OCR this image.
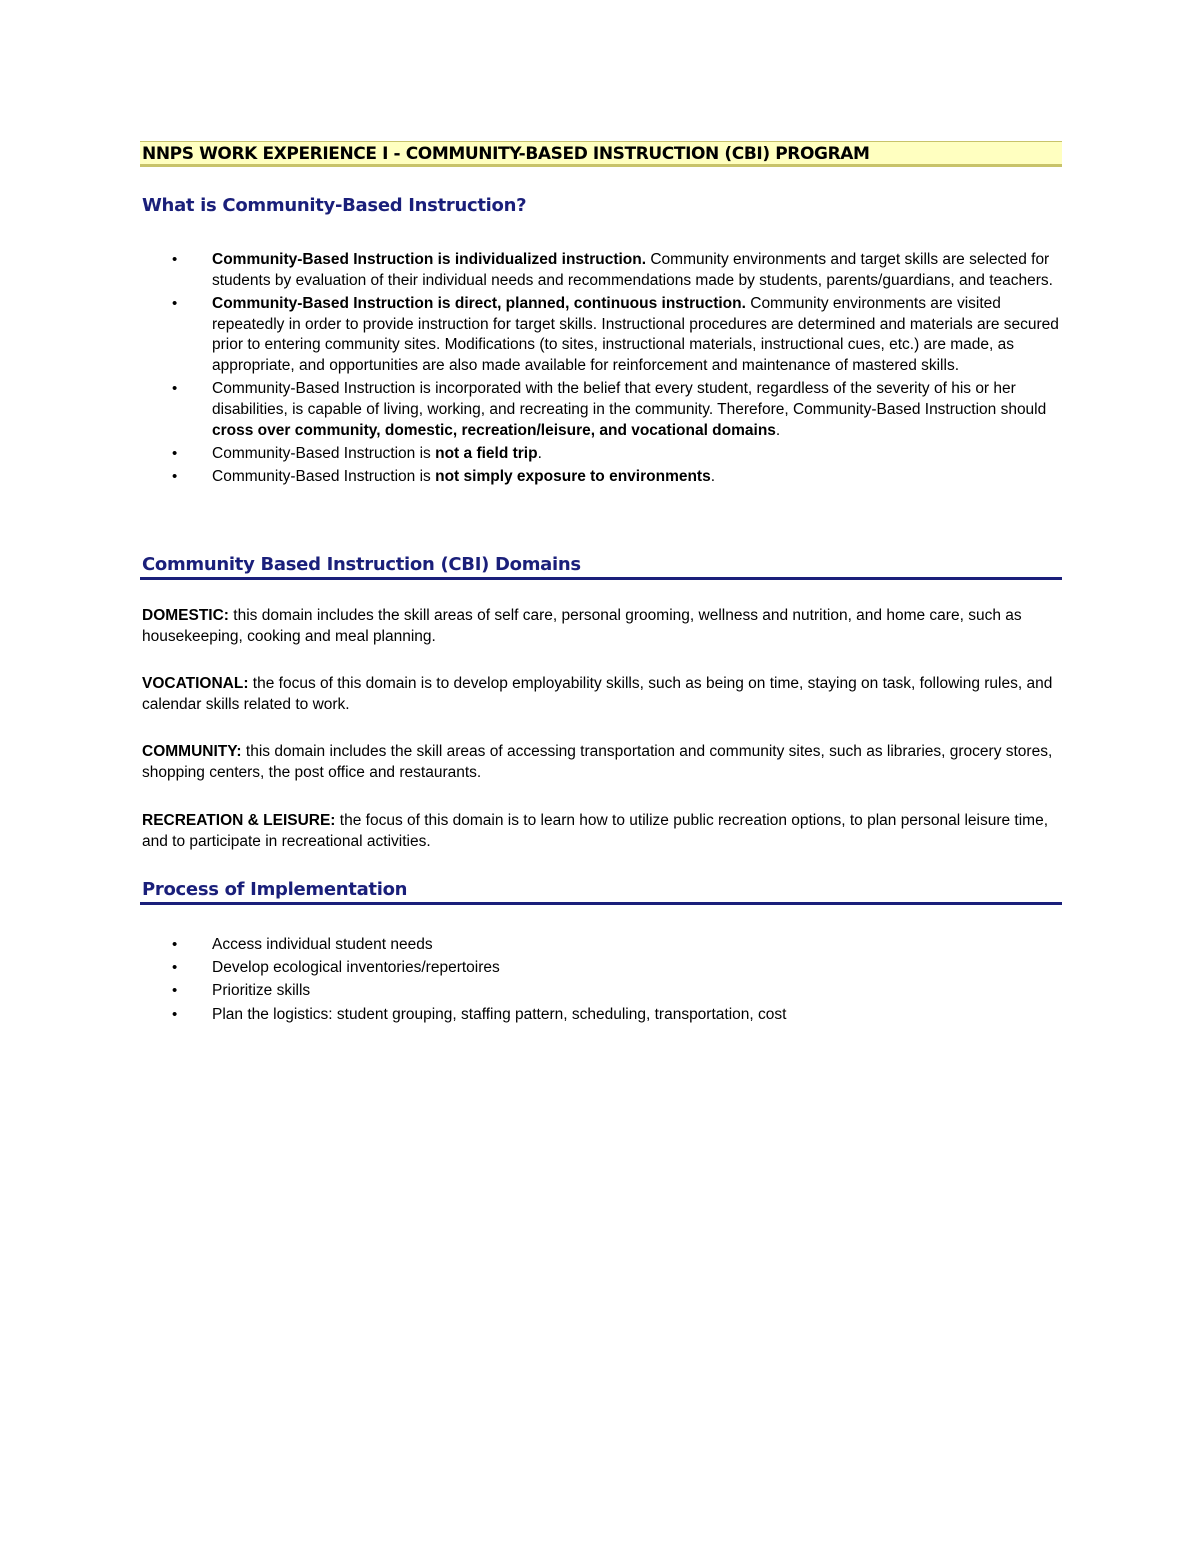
NNPS WORK EXPERIENCE I - COMMUNITY-BASED INSTRUCTION (CBI) PROGRAM
What is Community-Based Instruction?
• Community-Based Instruction is individualized instruction. Community environments and target skills are selected for students by evaluation of their individual needs and recommendations made by students, parents/guardians, and teachers.
• Community-Based Instruction is direct, planned, continuous instruction. Community environments are visited repeatedly in order to provide instruction for target skills. Instructional procedures are determined and materials are secured prior to entering community sites. Modifications (to sites, instructional materials, instructional cues, etc.) are made, as appropriate, and opportunities are also made available for reinforcement and maintenance of mastered skills.
• Community-Based Instruction is incorporated with the belief that every student, regardless of the severity of his or her disabilities, is capable of living, working, and recreating in the community. Therefore, Community-Based Instruction should cross over community, domestic, recreation/leisure, and vocational domains.
• Community-Based Instruction is not a field trip.
• Community-Based Instruction is not simply exposure to environments.
Community Based Instruction (CBI) Domains
DOMESTIC: this domain includes the skill areas of self care, personal grooming, wellness and nutrition, and home care, such as housekeeping, cooking and meal planning.
VOCATIONAL: the focus of this domain is to develop employability skills, such as being on time, staying on task, following rules, and calendar skills related to work.
COMMUNITY: this domain includes the skill areas of accessing transportation and community sites, such as libraries, grocery stores, shopping centers, the post office and restaurants.
RECREATION & LEISURE: the focus of this domain is to learn how to utilize public recreation options, to plan personal leisure time, and to participate in recreational activities.
Process of Implementation
• Access individual student needs
• Develop ecological inventories/repertoires
• Prioritize skills
• Plan the logistics: student grouping, staffing pattern, scheduling, transportation, cost
